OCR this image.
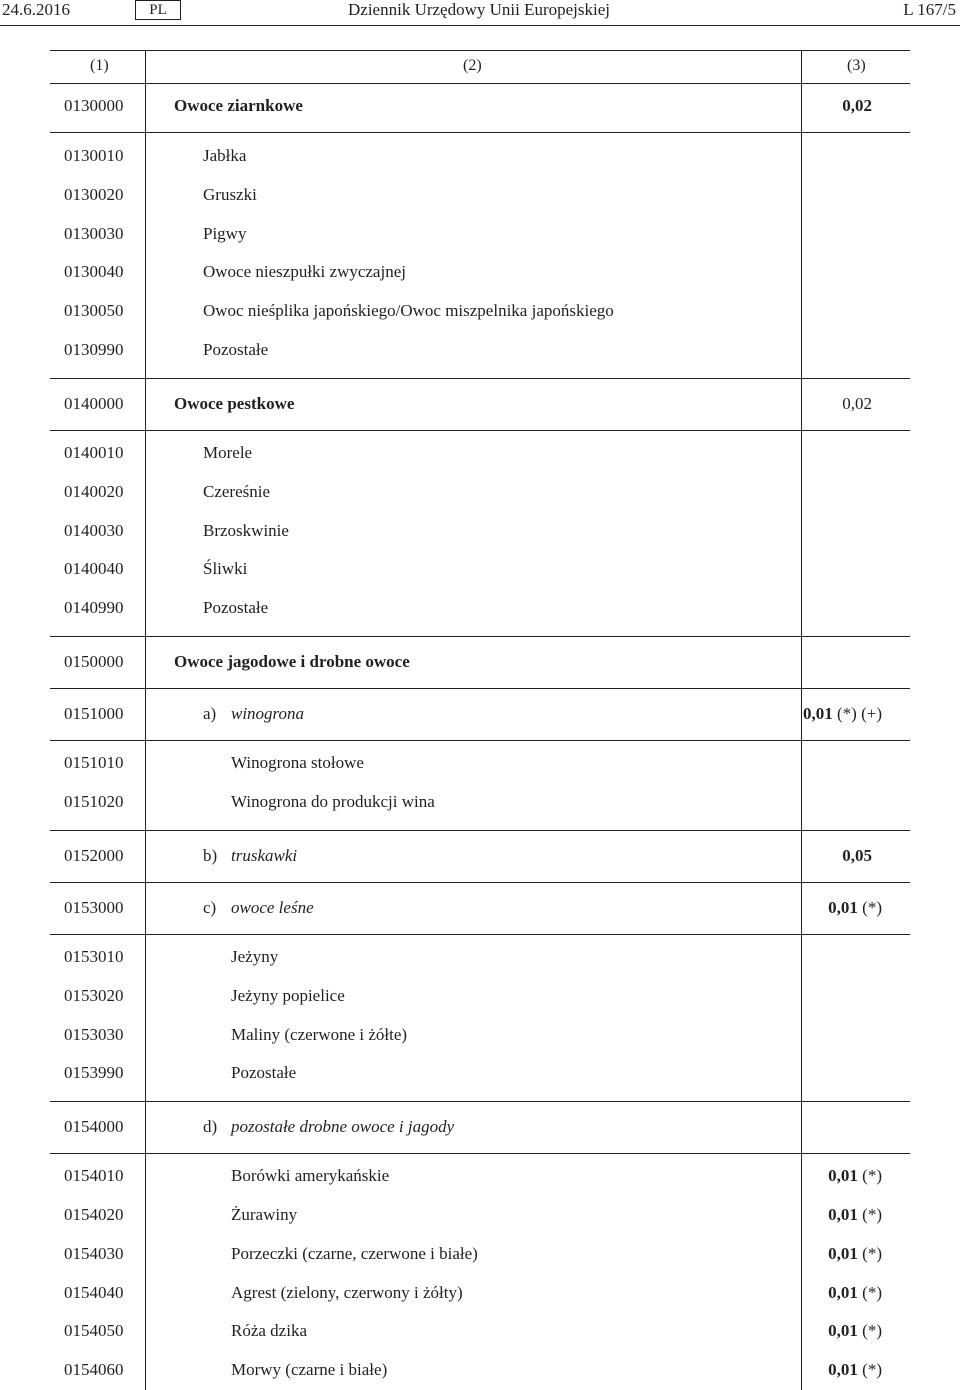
24.6.2016	PL	Dziennik Urzędowy Unii Europejskiej	L 167/5
(1)	(2)	(3)
0130000	Owoce ziarnkowe	0,02
0130010	Jabłka
0130020	Gruszki
0130030	Pigwy
0130040	Owoce nieszpułki zwyczajnej
0130050	Owoc nieśplika japońskiego/Owoc miszpelnika japońskiego
0130990	Pozostałe
0140000	Owoce pestkowe	0,02
0140010	Morele
0140020	Czereśnie
0140030	Brzoskwinie
0140040	Śliwki
0140990	Pozostałe
0150000	Owoce jagodowe i drobne owoce
0151000	a) winogrona	0,01 (*) (+)
0151010	Winogrona stołowe
0151020	Winogrona do produkcji wina
0152000	b) truskawki	0,05
0153000	c) owoce leśne	0,01 (*)
0153010	Jeżyny
0153020	Jeżyny popielice
0153030	Maliny (czerwone i żółte)
0153990	Pozostałe
0154000	d) pozostałe drobne owoce i jagody
0154010	Borówki amerykańskie	0,01 (*)
0154020	Żurawiny	0,01 (*)
0154030	Porzeczki (czarne, czerwone i białe)	0,01 (*)
0154040	Agrest (zielony, czerwony i żółty)	0,01 (*)
0154050	Róża dzika	0,01 (*)
0154060	Morwy (czarne i białe)	0,01 (*)
